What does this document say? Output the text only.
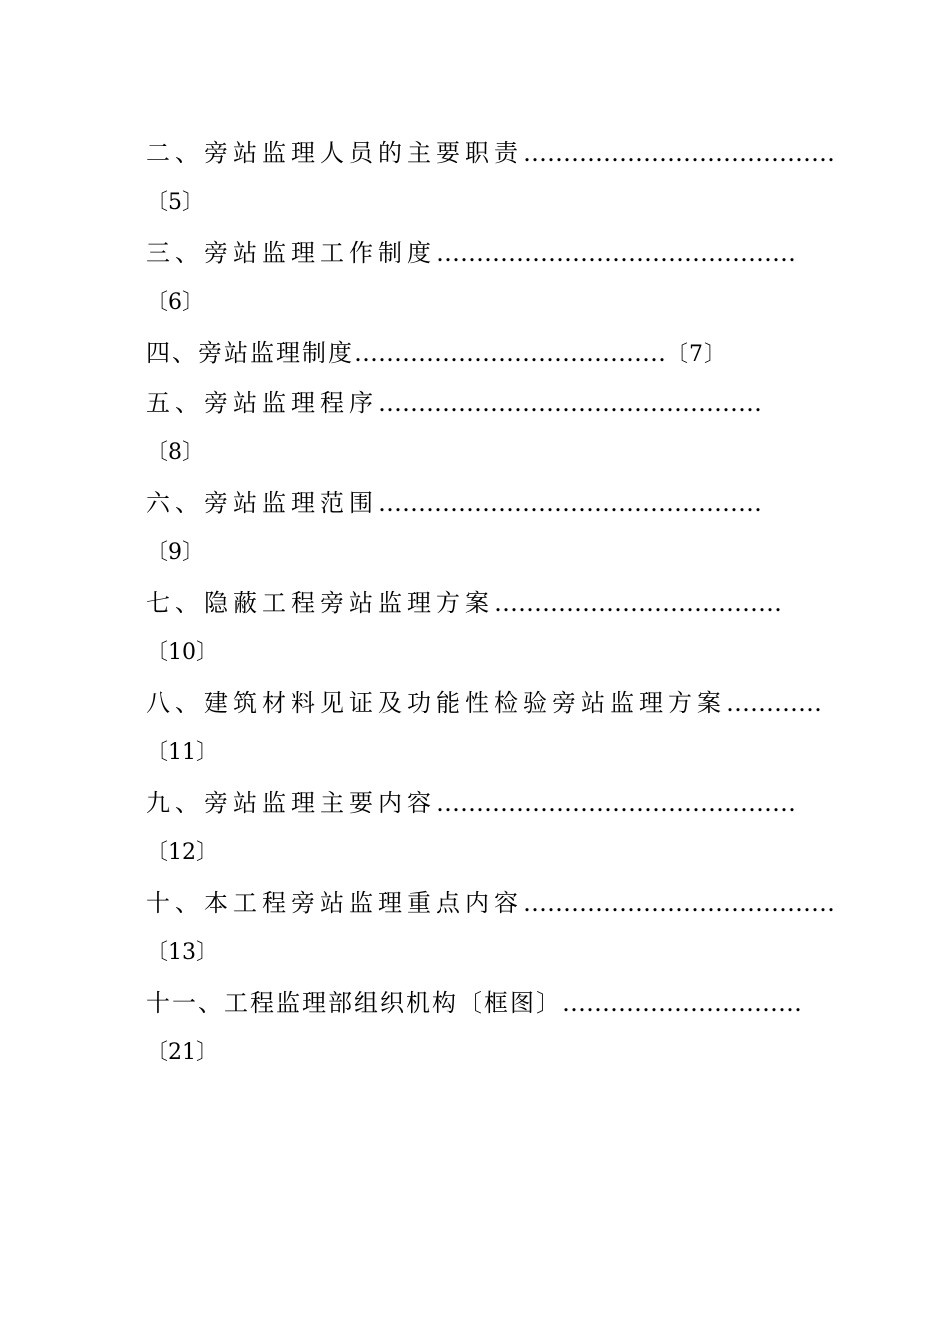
二、旁站监理人员的主要职责…………………………………
〔5〕
三、旁站监理工作制度………………………………………
〔6〕
四、旁站监理制度…………………………………〔7〕
五、旁站监理程序…………………………………………
〔8〕
六、旁站监理范围…………………………………………
〔9〕
七、隐蔽工程旁站监理方案………………………………
〔10〕
八、建筑材料见证及功能性检验旁站监理方案…………
〔11〕
九、旁站监理主要内容………………………………………
〔12〕
十、本工程旁站监理重点内容…………………………………
〔13〕
十一、工程监理部组织机构〔框图〕…………………………
〔21〕
